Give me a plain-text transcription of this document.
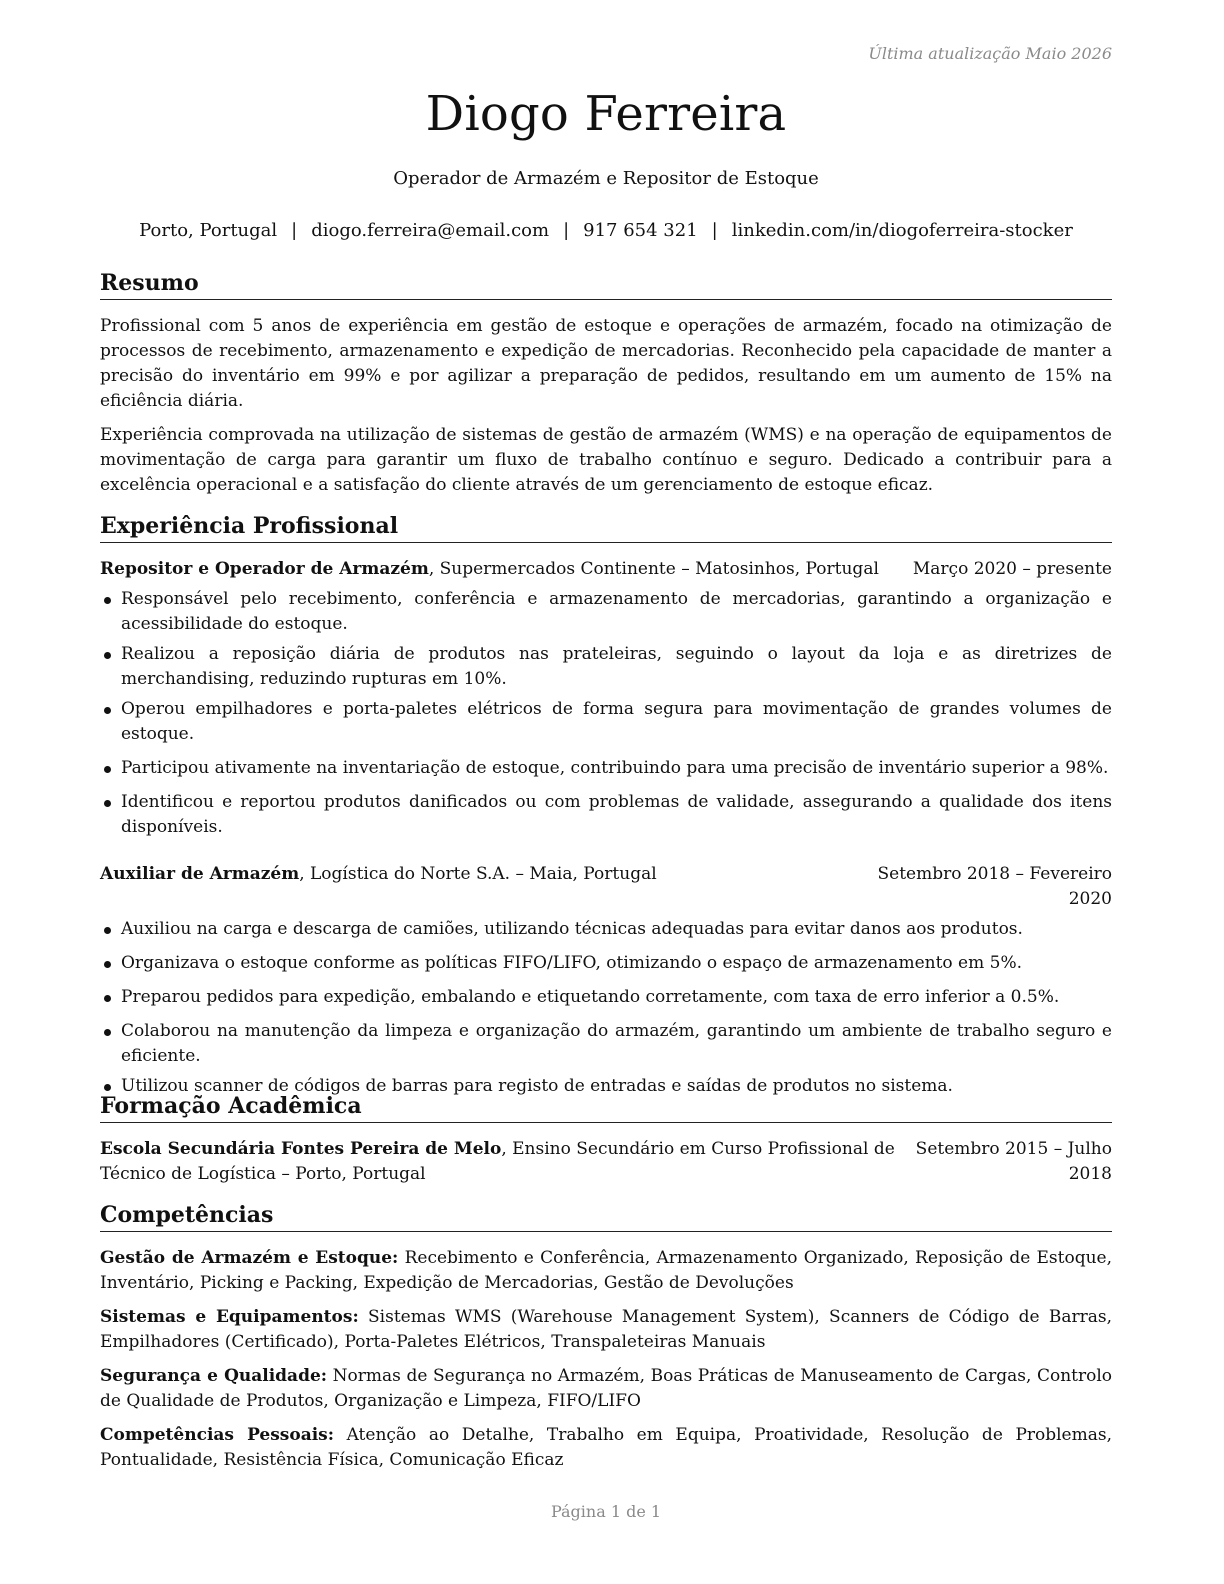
Última atualização Maio 2026
Diogo Ferreira
Operador de Armazém e Repositor de Estoque
Porto, Portugal | diogo.ferreira@email.com | 917 654 321 | linkedin.com/in/diogoferreira-stocker
Resumo

Profissional com 5 anos de experiência em gestão de estoque e operações de armazém, focado na otimização de processos de recebimento, armazenamento e expedição de mercadorias. Reconhecido pela capacidade de manter a precisão do inventário em 99% e por agilizar a preparação de pedidos, resultando em um aumento de 15% na eficiência diária.

Experiência comprovada na utilização de sistemas de gestão de armazém (WMS) e na operação de equipamentos de movimentação de carga para garantir um fluxo de trabalho contínuo e seguro. Dedicado a contribuir para a excelência operacional e a satisfação do cliente através de um gerenciamento de estoque eficaz.

Experiência Profissional
Repositor e Operador de Armazém, Supermercados Continente – Matosinhos, Portugal	Março 2020 – presente
Responsável pelo recebimento, conferência e armazenamento de mercadorias, garantindo a organização e acessibilidade do estoque.
Realizou a reposição diária de produtos nas prateleiras, seguindo o layout da loja e as diretrizes de merchandising, reduzindo rupturas em 10%.
Operou empilhadores e porta-paletes elétricos de forma segura para movimentação de grandes volumes de estoque.
Participou ativamente na inventariação de estoque, contribuindo para uma precisão de inventário superior a 98%.
Identificou e reportou produtos danificados ou com problemas de validade, assegurando a qualidade dos itens disponíveis.
Auxiliar de Armazém, Logística do Norte S.A. – Maia, Portugal	Setembro 2018 – Fevereiro
2020
Auxiliou na carga e descarga de camiões, utilizando técnicas adequadas para evitar danos aos produtos.
Organizava o estoque conforme as políticas FIFO/LIFO, otimizando o espaço de armazenamento em 5%.
Preparou pedidos para expedição, embalando e etiquetando corretamente, com taxa de erro inferior a 0.5%.
Colaborou na manutenção da limpeza e organização do armazém, garantindo um ambiente de trabalho seguro e eficiente.
Utilizou scanner de códigos de barras para registo de entradas e saídas de produtos no sistema.
Formação Acadêmica
Escola Secundária Fontes Pereira de Melo, Ensino Secundário em Curso Profissional de
Técnico de Logística – Porto, Portugal
Setembro 2015 – Julho
2018
Competências

Gestão de Armazém e Estoque: Recebimento e Conferência, Armazenamento Organizado, Reposição de Estoque, Inventário, Picking e Packing, Expedição de Mercadorias, Gestão de Devoluções

Sistemas e Equipamentos: Sistemas WMS (Warehouse Management System), Scanners de Código de Barras, Empilhadores (Certificado), Porta-Paletes Elétricos, Transpaleteiras Manuais

Segurança e Qualidade: Normas de Segurança no Armazém, Boas Práticas de Manuseamento de Cargas, Controlo de Qualidade de Produtos, Organização e Limpeza, FIFO/LIFO

Competências Pessoais: Atenção ao Detalhe, Trabalho em Equipa, Proatividade, Resolução de Problemas, Pontualidade, Resistência Física, Comunicação Eficaz

Página 1 de 1
